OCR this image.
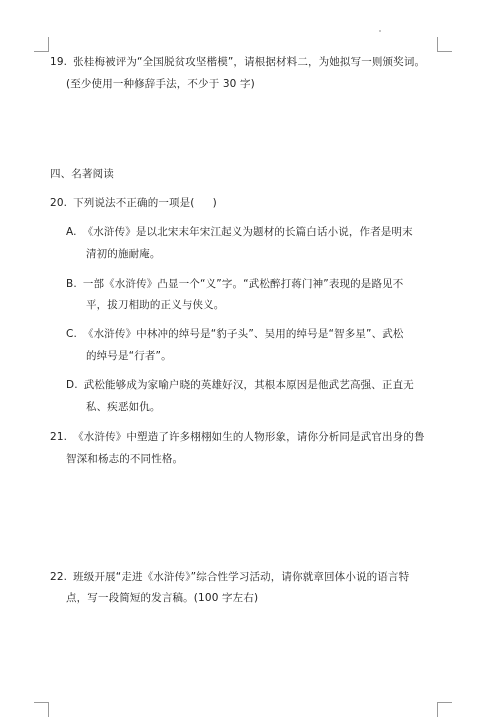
19. 张桂梅被评为“全国脱贫攻坚楷模”，请根据材料二，为她拟写一则颁奖词。
(至少使用一种修辞手法，不少于 30 字)
四、名著阅读
20. 下列说法不正确的一项是( )
A. 《水浒传》是以北宋末年宋江起义为题材的长篇白话小说，作者是明末
清初的施耐庵。
B. 一部《水浒传》凸显一个“义”字。“武松醉打蒋门神”表现的是路见不
平，拔刀相助的正义与侠义。
C. 《水浒传》中林冲的绰号是“豹子头”、吴用的绰号是“智多星”、武松
的绰号是“行者”。
D. 武松能够成为家喻户晓的英雄好汉，其根本原因是他武艺高强、正直无
私、疾恶如仇。
21. 《水浒传》中塑造了许多栩栩如生的人物形象，请你分析同是武官出身的鲁
智深和杨志的不同性格。
22. 班级开展“走进《水浒传》”综合性学习活动，请你就章回体小说的语言特
点，写一段简短的发言稿。(100 字左右)
